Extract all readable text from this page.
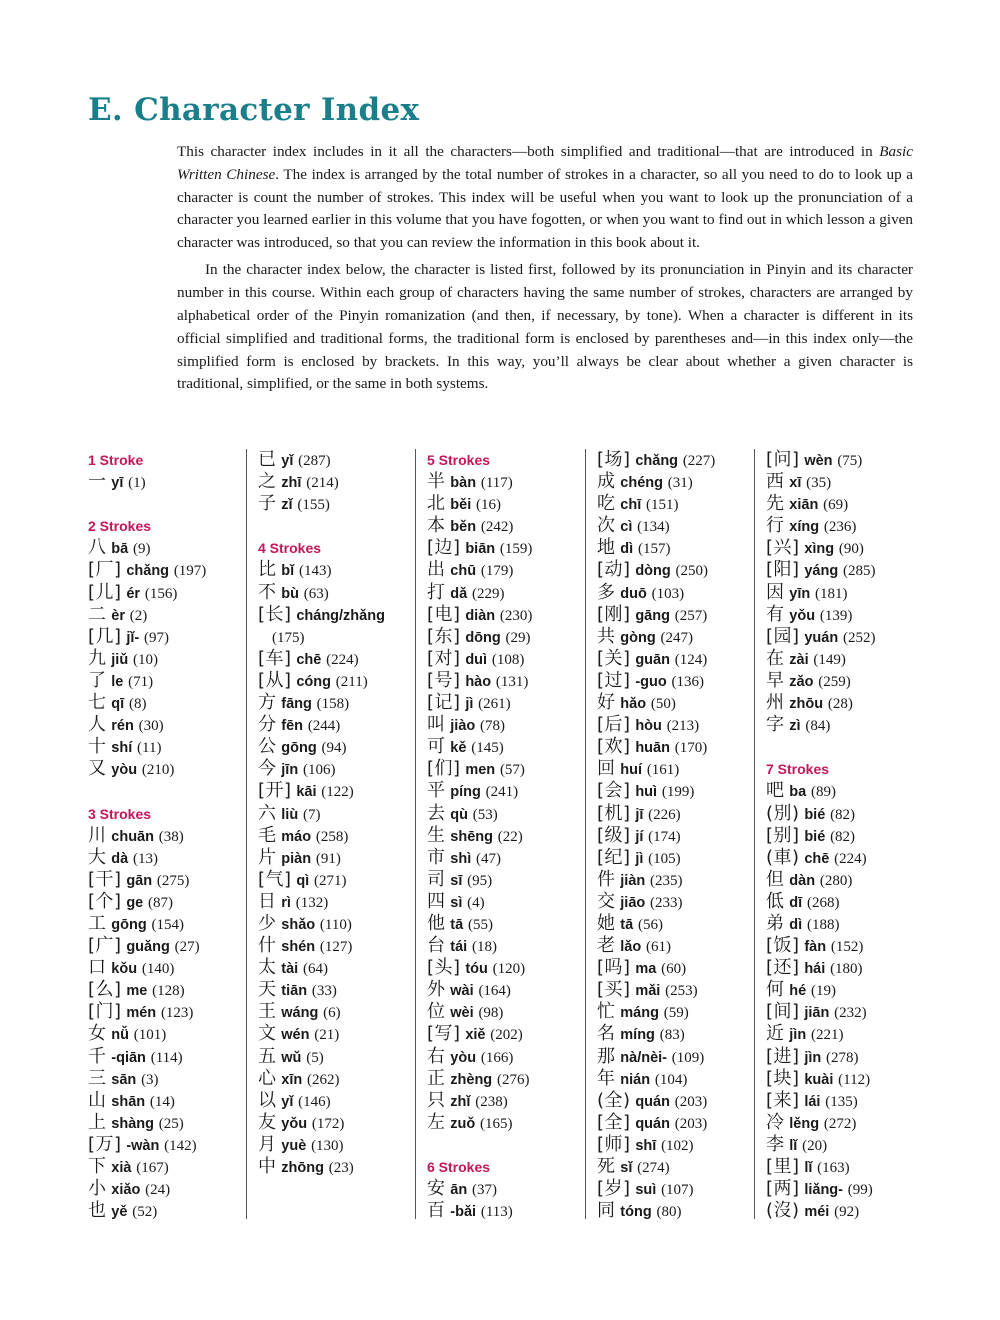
E. Character Index

This character index includes in it all the characters—both simplified and traditional—that are introduced in Basic Written Chinese. The index is arranged by the total number of strokes in a character, so all you need to do to look up a character is count the number of strokes. This index will be useful when you want to look up the pronunciation of a character you learned earlier in this volume that you have fogotten, or when you want to find out in which lesson a given character was introduced, so that you can review the information in this book about it.

In the character index below, the character is listed first, followed by its pronunciation in Pinyin and its character number in this course. Within each group of characters having the same number of strokes, characters are arranged by alphabetical order of the Pinyin romanization (and then, if necessary, by tone). When a character is different in its official simplified and traditional forms, the traditional form is enclosed by parentheses and—in this index only—the simplified form is enclosed by brackets. In this way, you’ll always be clear about whether a given character is traditional, simplified, or the same in both systems.

1 Stroke
一 yī (1)
2 Strokes
八 bā (9)
[厂] chǎng (197)
[儿] ér (156)
二 èr (2)
[几] jǐ- (97)
九 jiǔ (10)
了 le (71)
七 qī (8)
人 rén (30)
十 shí (11)
又 yòu (210)
3 Strokes
川 chuān (38)
大 dà (13)
[干] gān (275)
[个] ge (87)
工 gōng (154)
[广] guǎng (27)
口 kǒu (140)
[么] me (128)
[门] mén (123)
女 nǚ (101)
千 -qiān (114)
三 sān (3)
山 shān (14)
上 shàng (25)
[万] -wàn (142)
下 xià (167)
小 xiǎo (24)
也 yě (52)
已 yǐ (287)
之 zhī (214)
子 zǐ (155)
4 Strokes
比 bǐ (143)
不 bù (63)
[长] cháng/zhǎng
(175)
[车] chē (224)
[从] cóng (211)
方 fāng (158)
分 fēn (244)
公 gōng (94)
今 jīn (106)
[开] kāi (122)
六 liù (7)
毛 máo (258)
片 piàn (91)
[气] qì (271)
日 rì (132)
少 shǎo (110)
什 shén (127)
太 tài (64)
天 tiān (33)
王 wáng (6)
文 wén (21)
五 wǔ (5)
心 xīn (262)
以 yǐ (146)
友 yǒu (172)
月 yuè (130)
中 zhōng (23)
5 Strokes
半 bàn (117)
北 běi (16)
本 běn (242)
[边] biān (159)
出 chū (179)
打 dǎ (229)
[电] diàn (230)
[东] dōng (29)
[对] duì (108)
[号] hào (131)
[记] jì (261)
叫 jiào (78)
可 kě (145)
[们] men (57)
平 píng (241)
去 qù (53)
生 shēng (22)
市 shì (47)
司 sī (95)
四 sì (4)
他 tā (55)
台 tái (18)
[头] tóu (120)
外 wài (164)
位 wèi (98)
[写] xiě (202)
右 yòu (166)
正 zhèng (276)
只 zhǐ (238)
左 zuǒ (165)
6 Strokes
安 ān (37)
百 -bǎi (113)
[场] chǎng (227)
成 chéng (31)
吃 chī (151)
次 cì (134)
地 dì (157)
[动] dòng (250)
多 duō (103)
[刚] gāng (257)
共 gòng (247)
[关] guān (124)
[过] -guo (136)
好 hǎo (50)
[后] hòu (213)
[欢] huān (170)
回 huí (161)
[会] huì (199)
[机] jī (226)
[级] jí (174)
[纪] jì (105)
件 jiàn (235)
交 jiāo (233)
她 tā (56)
老 lǎo (61)
[吗] ma (60)
[买] mǎi (253)
忙 máng (59)
名 míng (83)
那 nà/nèi- (109)
年 nián (104)
(全) quán (203)
[全] quán (203)
[师] shī (102)
死 sǐ (274)
[岁] suì (107)
同 tóng (80)
[问] wèn (75)
西 xī (35)
先 xiān (69)
行 xíng (236)
[兴] xìng (90)
[阳] yáng (285)
因 yīn (181)
有 yǒu (139)
[园] yuán (252)
在 zài (149)
早 zǎo (259)
州 zhōu (28)
字 zì (84)
7 Strokes
吧 ba (89)
(別) bié (82)
[别] bié (82)
(車) chē (224)
但 dàn (280)
低 dī (268)
弟 dì (188)
[饭] fàn (152)
[还] hái (180)
何 hé (19)
[间] jiān (232)
近 jìn (221)
[进] jìn (278)
[块] kuài (112)
[来] lái (135)
冷 lěng (272)
李 lǐ (20)
[里] lǐ (163)
[两] liǎng- (99)
(沒) méi (92)
